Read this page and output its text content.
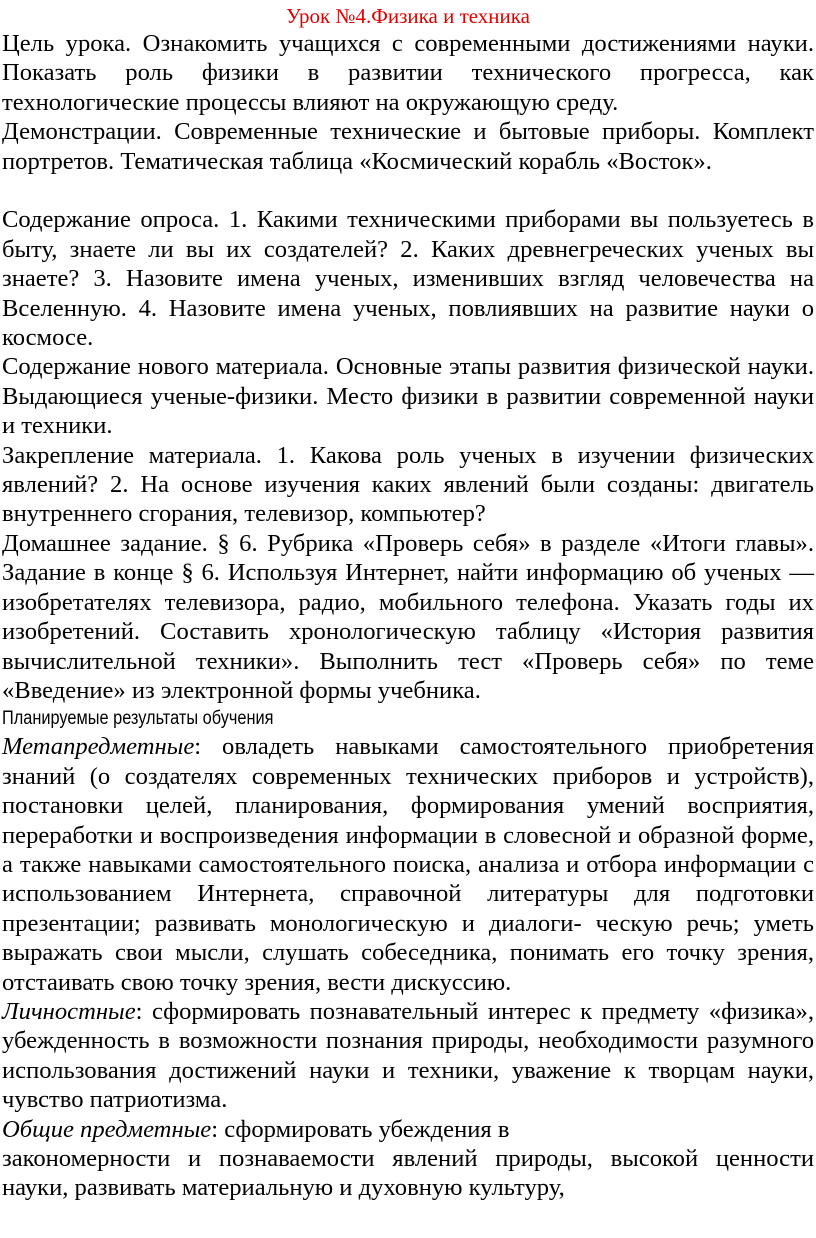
Урок №4.Физика и техника

Цель урока. Ознакомить учащихся с современными достижениями науки. Показать роль физики в развитии технического прогресса, как технологические процессы влияют на окружающую среду.

Демонстрации. Современные технические и бытовые приборы. Комплект портретов. Тематическая таблица «Космический корабль «Восток».

Содержание опроса. 1. Какими техническими приборами вы пользуетесь в быту, знаете ли вы их создателей? 2. Каких древнегреческих ученых вы знаете? 3. Назовите имена ученых, изменивших взгляд человечества на Вселенную. 4. Назовите имена ученых, повлиявших на развитие науки о космосе.

Содержание нового материала. Основные этапы развития физической науки. Выдающиеся ученые-физики. Место физики в развитии современной науки и техники.

Закрепление материала. 1. Какова роль ученых в изучении физических явлений? 2. На основе изучения каких явлений были созданы: двигатель внутреннего сгорания, телевизор, компьютер?

Домашнее задание. § 6. Рубрика «Проверь себя» в разделе «Итоги главы». Задание в конце § 6. Используя Интернет, найти информацию об ученых — изобретателях телевизора, радио, мобильного телефона. Указать годы их изобретений. Составить хронологическую таблицу «История развития вычислительной техники». Выполнить тест «Проверь себя» по теме «Введение» из электронной формы учебника.

Планируемые результаты обучения

Метапредметные: овладеть навыками самостоятельного приобретения знаний (о создателях современных технических приборов и устройств), постановки целей, планирования, формирования умений восприятия, переработки и воспроизведения информации в словесной и образной форме, а также навыками самостоятельного поиска, анализа и отбора информации с использованием Интернета, справочной литературы для подготовки презентации; развивать монологическую и диалоги- ческую речь; уметь выражать свои мысли, слушать собеседника, понимать его точку зрения, отстаивать свою точку зрения, вести дискуссию.

Личностные: сформировать познавательный интерес к предмету «физика», убежденность в возможности познания природы, необходимости разумного использования достижений науки и техники, уважение к творцам науки, чувство патриотизма.

Общие предметные: сформировать убеждения в

закономерности и познаваемости явлений природы, высокой ценности науки, развивать материальную и духовную культуру,
